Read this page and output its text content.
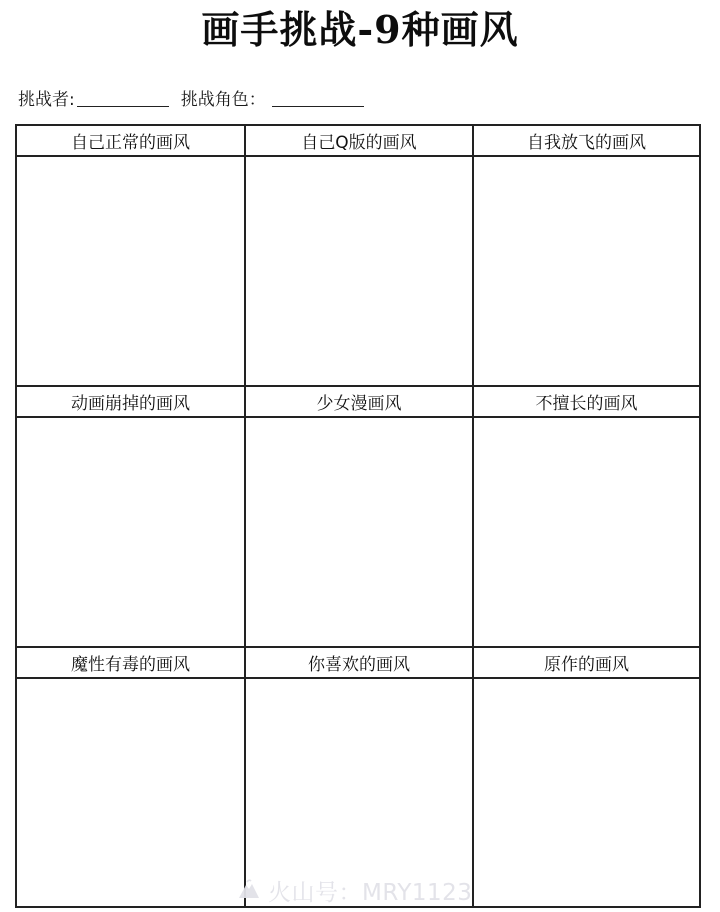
画手挑战-9种画风
挑战者:	挑战角色：
自己正常的画风	自己Q版的画风	自我放飞的画风
动画崩掉的画风	少女漫画风	不擅长的画风
魔性有毒的画风	你喜欢的画风	原作的画风
火山号：MRY1123
